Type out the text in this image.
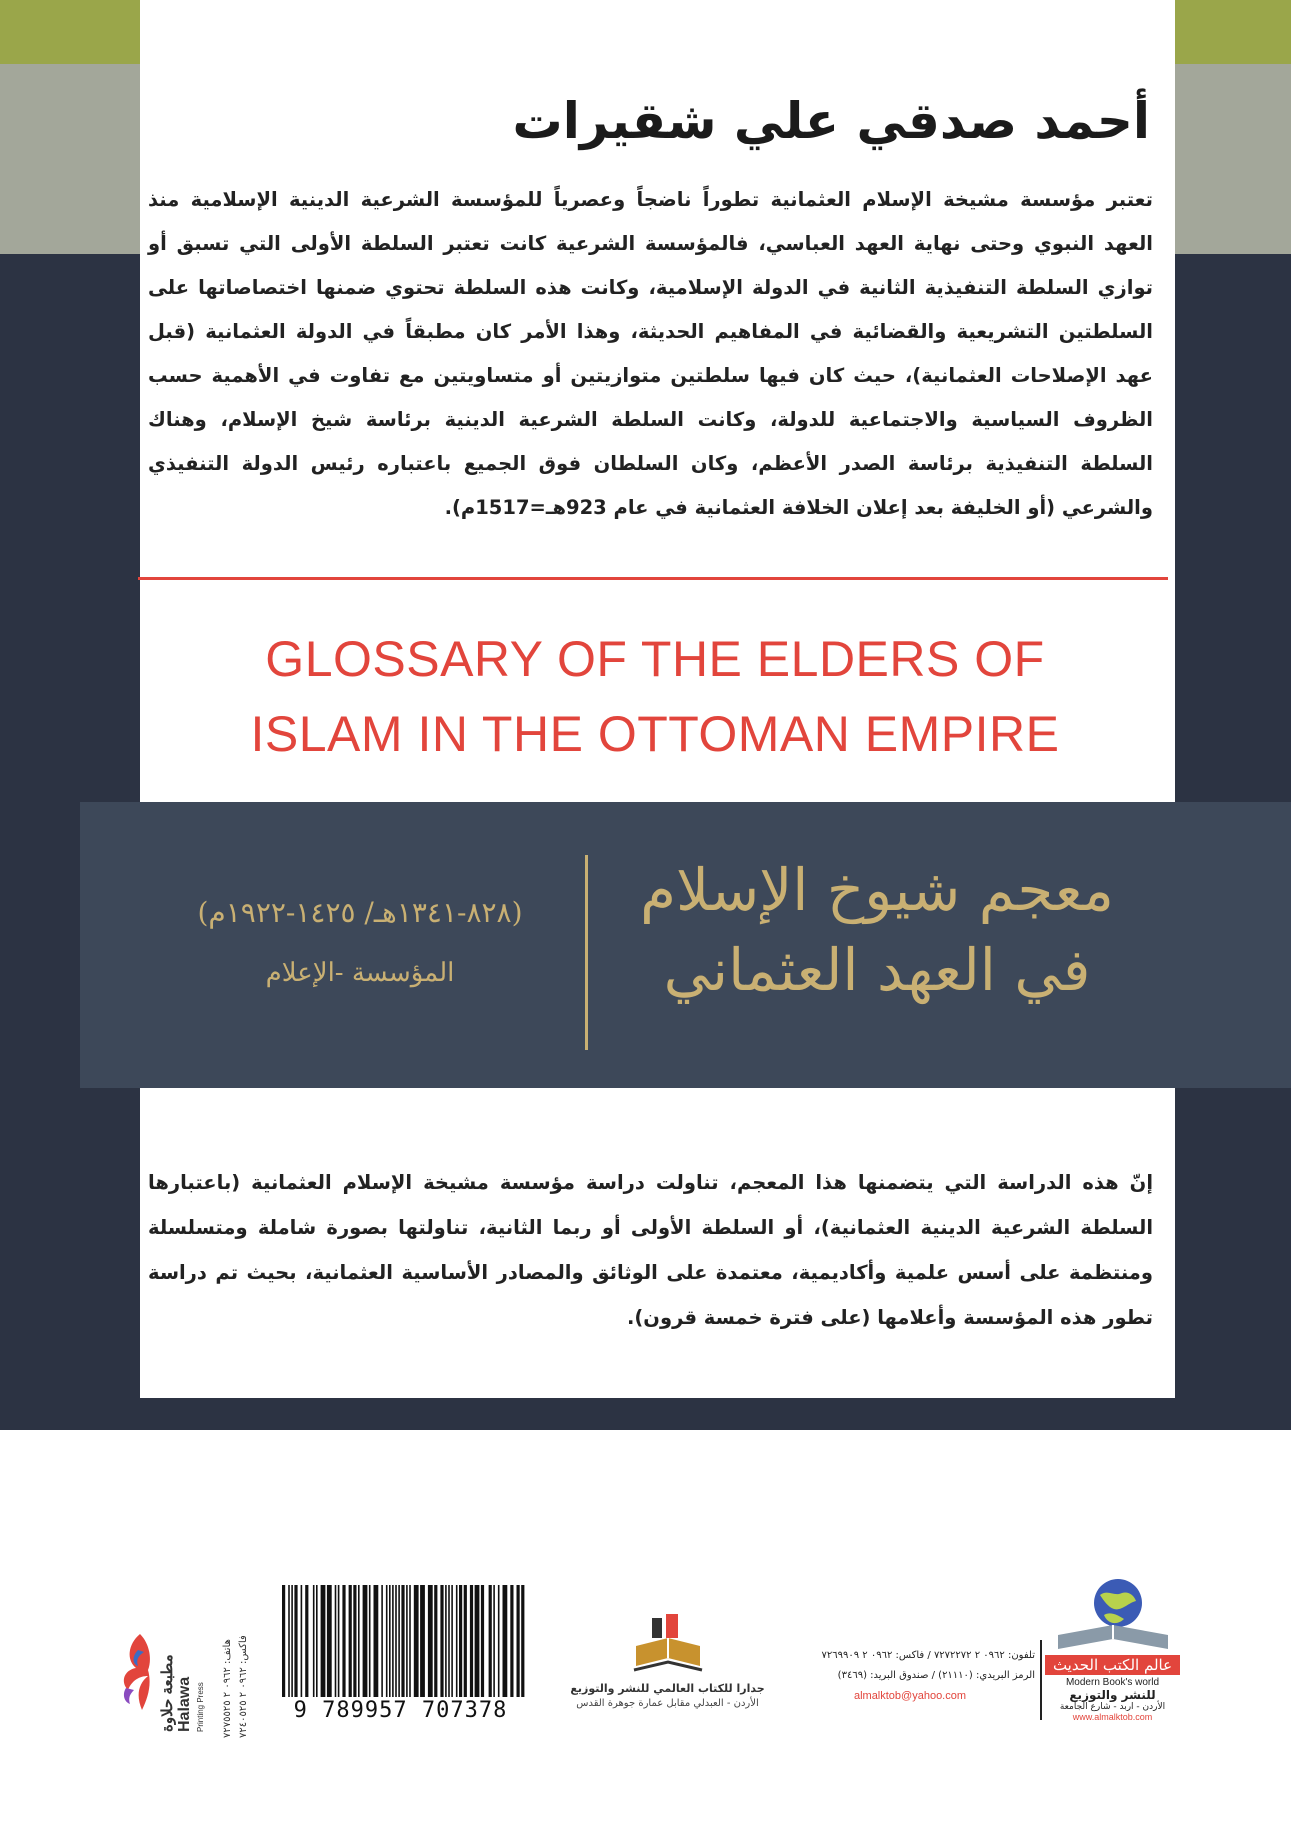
أحمد صدقي علي شقيرات
تعتبر مؤسسة مشيخة الإسلام العثمانية تطوراً ناضجاً وعصرياً للمؤسسة الشرعية الدينية الإسلامية منذ العهد النبوي وحتى نهاية العهد العباسي، فالمؤسسة الشرعية كانت تعتبر السلطة الأولى التي تسبق أو توازي السلطة التنفيذية الثانية في الدولة الإسلامية، وكانت هذه السلطة تحتوي ضمنها اختصاصاتها على السلطتين التشريعية والقضائية في المفاهيم الحديثة، وهذا الأمر كان مطبقاً في الدولة العثمانية (قبل عهد الإصلاحات العثمانية)، حيث كان فيها سلطتين متوازيتين أو متساويتين مع تفاوت في الأهمية حسب الظروف السياسية والاجتماعية للدولة، وكانت السلطة الشرعية الدينية برئاسة شيخ الإسلام، وهناك السلطة التنفيذية برئاسة الصدر الأعظم، وكان السلطان فوق الجميع باعتباره رئيس الدولة التنفيذي والشرعي (أو الخليفة بعد إعلان الخلافة العثمانية في عام 923هـ=1517م).
GLOSSARY OF THE ELDERS OF
ISLAM IN THE OTTOMAN EMPIRE
معجم شيوخ الإسلام
في العهد العثماني
(٨٢٨-١٣٤١هـ/ ١٤٢٥-١٩٢٢م)
المؤسسة -الإعلام
إنّ هذه الدراسة التي يتضمنها هذا المعجم، تناولت دراسة مؤسسة مشيخة الإسلام العثمانية (باعتبارها السلطة الشرعية الدينية العثمانية)، أو السلطة الأولى أو ربما الثانية، تناولتها بصورة شاملة ومتسلسلة ومنتظمة على أسس علمية وأكاديمية، معتمدة على الوثائق والمصادر الأساسية العثمانية، بحيث تم دراسة تطور هذه المؤسسة وأعلامها (على فترة خمسة قرون).
مطبعة حلاوة Halawa Printing Press هاتف: ٠٩٦٢ ٢ ٧٢٧٥٥٢٥
فاكس: ٠٩٦٢ ٢ ٧٢٤٠٥٢٥
9 789957 707378
جدارا للكتاب العالمي للنشر والتوزيع
الأردن - العبدلي مقابل عمارة جوهرة القدس
تلفون: ٠٩٦٢ ٢ ٧٢٧٢٢٧٢ / فاكس: ٠٩٦٢ ٢ ٧٢٦٩٩٠٩
الرمز البريدي: (٢١١١٠) / صندوق البريد: (٣٤٦٩)
almalktob@yahoo.com
عالم الكتب الحديث
Modern Book's world
للنشر والتوزيع
الأردن - اربد - شارع الجامعة
www.almalktob.com
